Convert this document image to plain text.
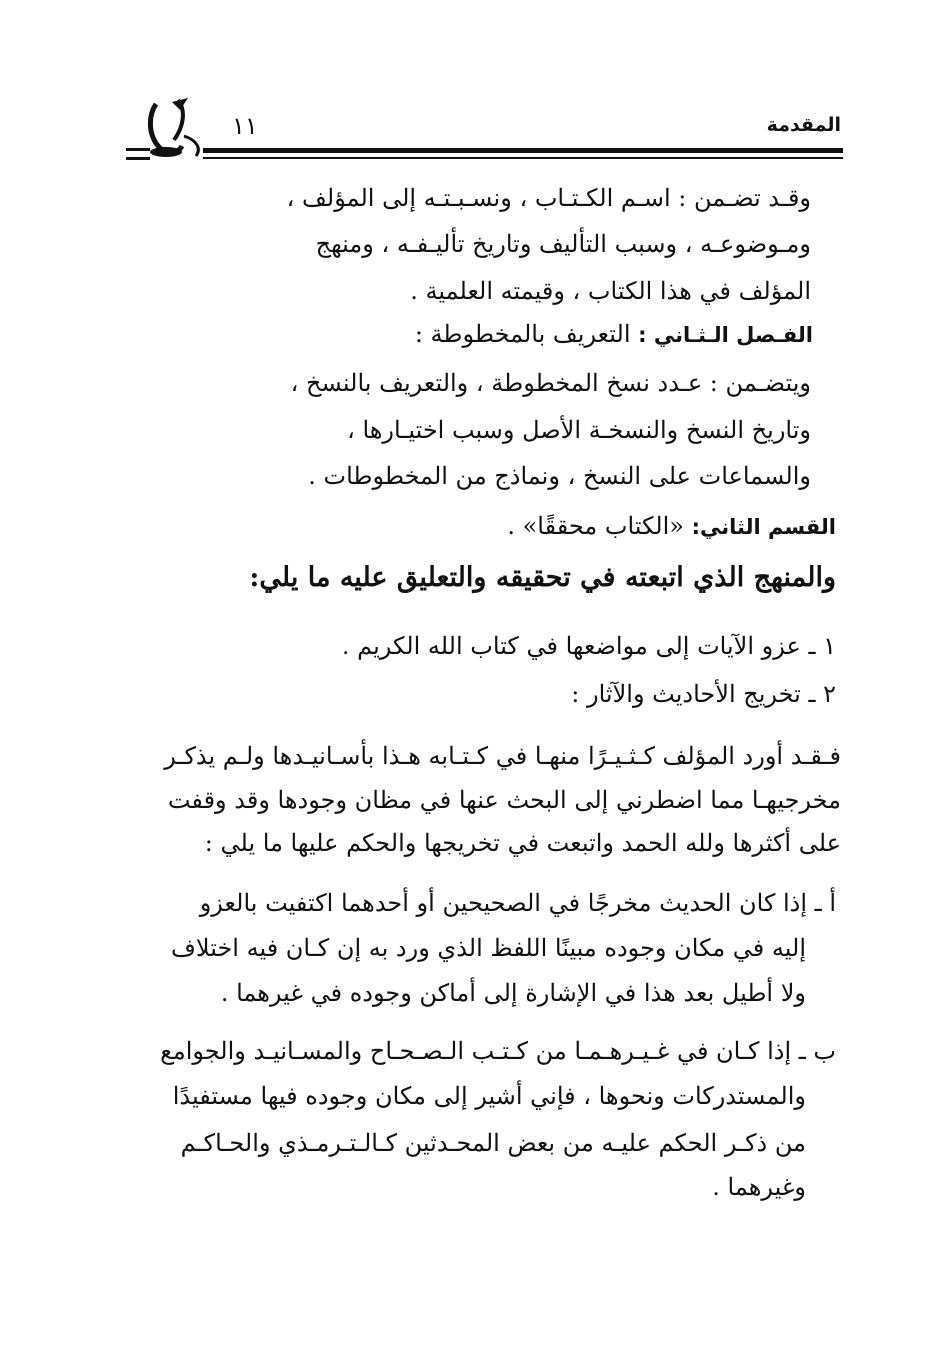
المقدمة
١١
وقـد تضـمن : اسـم الكـتـاب ، ونسـبـتـه إلى المؤلف ،
ومـوضوعـه ، وسبب التأليف وتاريخ تأليـفـه ، ومنهج
المؤلف في هذا الكتاب ، وقيمته العلمية .
الفـصل الـثـاني : التعريف بالمخطوطة :
ويتضـمن : عـدد نسخ المخطوطة ، والتعريف بالنسخ ،
وتاريخ النسخ والنسخـة الأصل وسبب اختيـارها ،
والسماعات على النسخ ، ونماذج من المخطوطات .
القسم الثاني: «الكتاب محققًا» .
والمنهج الذي اتبعته في تحقيقه والتعليق عليه ما يلي:
١ ـ عزو الآيات إلى مواضعها في كتاب الله الكريم .
٢ ـ تخريج الأحاديث والآثار :
فـقـد أورد المؤلف كـثـيـرًا منهـا في كـتـابه هـذا بأسـانيـدها ولـم يذكـر
مخرجيهـا مما اضطرني إلى البحث عنها في مظان وجودها وقد وقفت
على أكثرها ولله الحمد واتبعت في تخريجها والحكم عليها ما يلي :
أ ـ إذا كان الحديث مخرجًا في الصحيحين أو أحدهما اكتفيت بالعزو
إليه في مكان وجوده مبينًا اللفظ الذي ورد به إن كـان فيه اختلاف
ولا أطيل بعد هذا في الإشارة إلى أماكن وجوده في غيرهما .
ب ـ إذا كـان في غـيـرهـمـا من كـتـب الـصـحـاح والمسـانيـد والجوامع
والمستدركات ونحوها ، فإني أشير إلى مكان وجوده فيها مستفيدًا
من ذكـر الحكم عليـه من بعض المحـدثين كـالـتـرمـذي والحـاكـم
وغيرهما .
